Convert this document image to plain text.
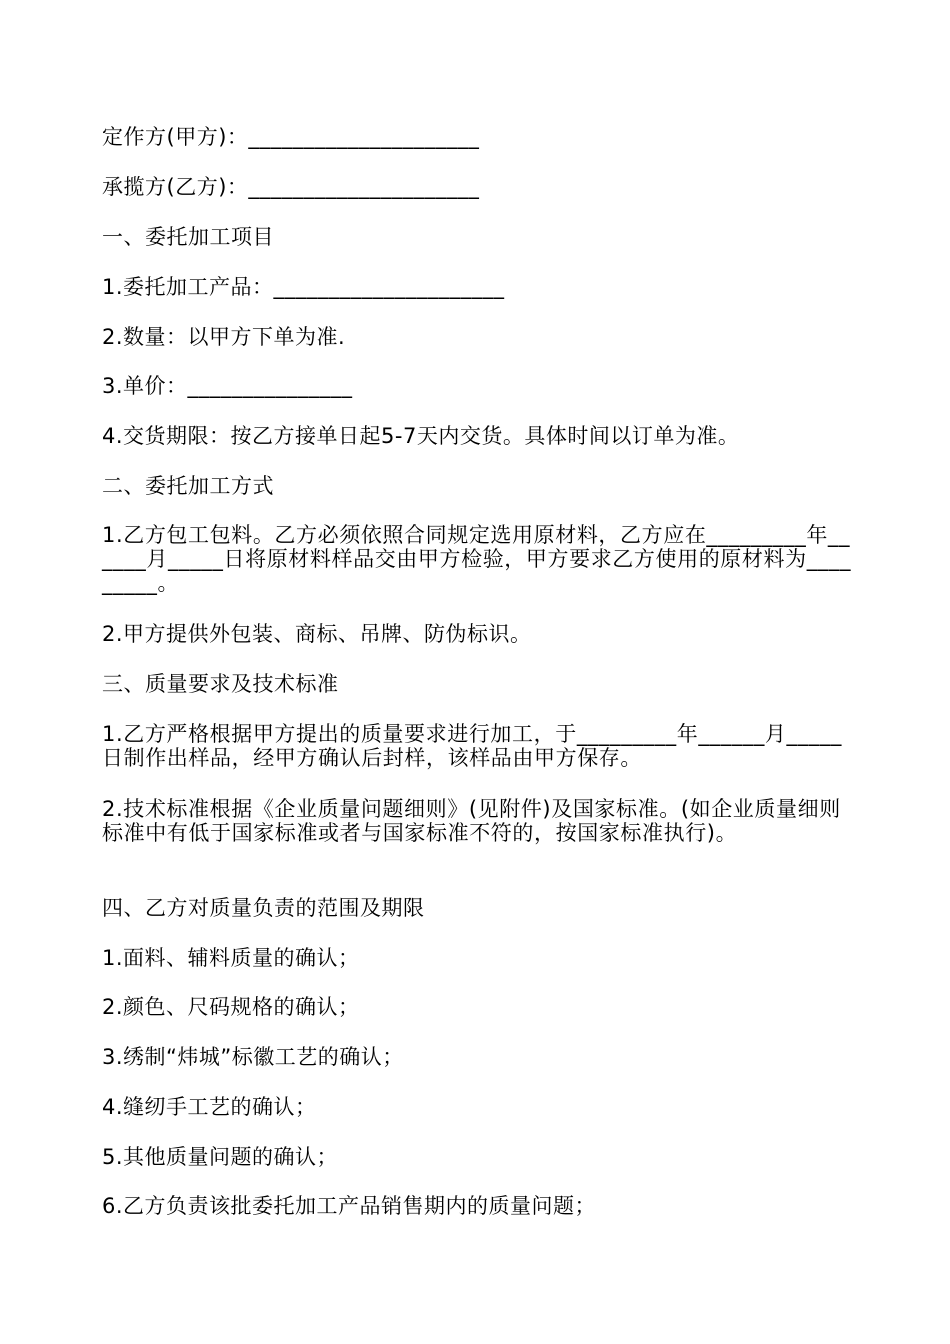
定作方(甲方)：_____________________
承揽方(乙方)：_____________________
一、委托加工项目
1.委托加工产品：_____________________
2.数量：以甲方下单为准.
3.单价：_______________
4.交货期限：按乙方接单日起5-7天内交货。具体时间以订单为准。
二、委托加工方式
1.乙方包工包料。乙方必须依照合同规定选用原材料，乙方应在_________年______月_____日将原材料样品交由甲方检验，甲方要求乙方使用的原材料为_________。
2.甲方提供外包装、商标、吊牌、防伪标识。
三、质量要求及技术标准
1.乙方严格根据甲方提出的质量要求进行加工，于_________年______月_____日制作出样品，经甲方确认后封样，该样品由甲方保存。
2.技术标准根据《企业质量问题细则》(见附件)及国家标准。(如企业质量细则标准中有低于国家标准或者与国家标准不符的，按国家标准执行)。
四、乙方对质量负责的范围及期限
1.面料、辅料质量的确认；
2.颜色、尺码规格的确认；
3.绣制“炜城”标徽工艺的确认；
4.缝纫手工艺的确认；
5.其他质量问题的确认；
6.乙方负责该批委托加工产品销售期内的质量问题；
